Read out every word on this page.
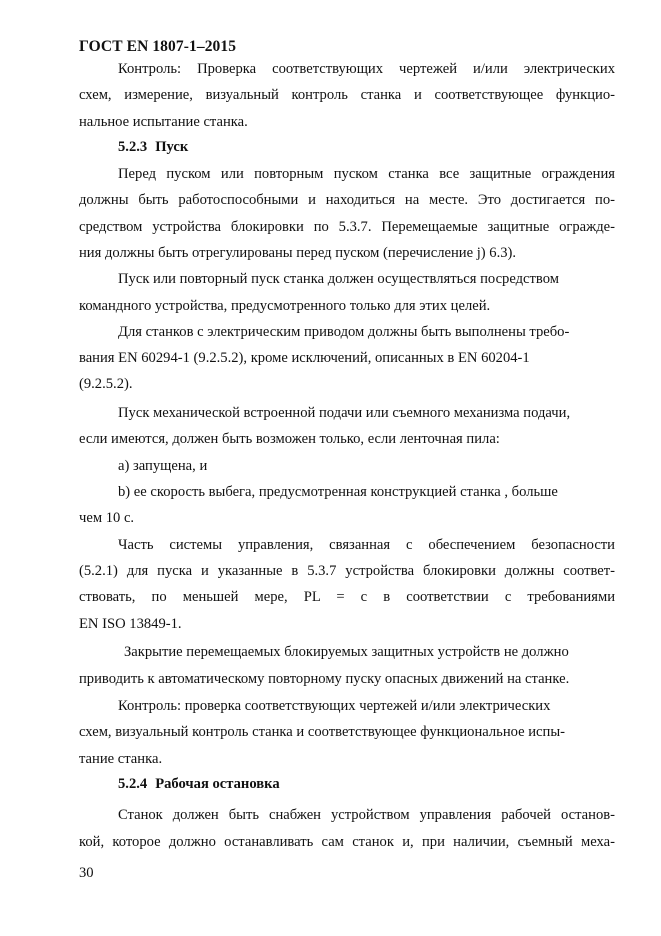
ГОСТ EN 1807-1–2015
Контроль: Проверка соответствующих чертежей и/или электрических
схем, измерение, визуальный контроль станка и соответствующее функцио-
нальное испытание станка.
5.2.3 Пуск
Перед пуском или повторным пуском станка все защитные ограждения
должны быть работоспособными и находиться на месте. Это достигается по-
средством устройства блокировки по 5.3.7. Перемещаемые защитные огражде-
ния должны быть отрегулированы перед пуском (перечисление j) 6.3).
Пуск или повторный пуск станка должен осуществляться посредством
командного устройства, предусмотренного только для этих целей.
Для станков с электрическим приводом должны быть выполнены требо-
вания EN 60294-1 (9.2.5.2), кроме исключений, описанных в EN 60204-1
(9.2.5.2).
Пуск механической встроенной подачи или съемного механизма подачи,
если имеются, должен быть возможен только, если ленточная пила:
а) запущена, и
b) ее скорость выбега, предусмотренная конструкцией станка , больше
чем 10 с.
Часть системы управления, связанная с обеспечением безопасности
(5.2.1) для пуска и указанные в 5.3.7 устройства блокировки должны соответ-
ствовать, по меньшей мере, PL = c в соответствии с требованиями
EN ISO 13849-1.
Закрытие перемещаемых блокируемых защитных устройств не должно
приводить к автоматическому повторному пуску опасных движений на станке.
Контроль: проверка соответствующих чертежей и/или электрических
схем, визуальный контроль станка и соответствующее функциональное испы-
тание станка.
5.2.4 Рабочая остановка
Станок должен быть снабжен устройством управления рабочей останов-
кой, которое должно останавливать сам станок и, при наличии, съемный меха-
30
